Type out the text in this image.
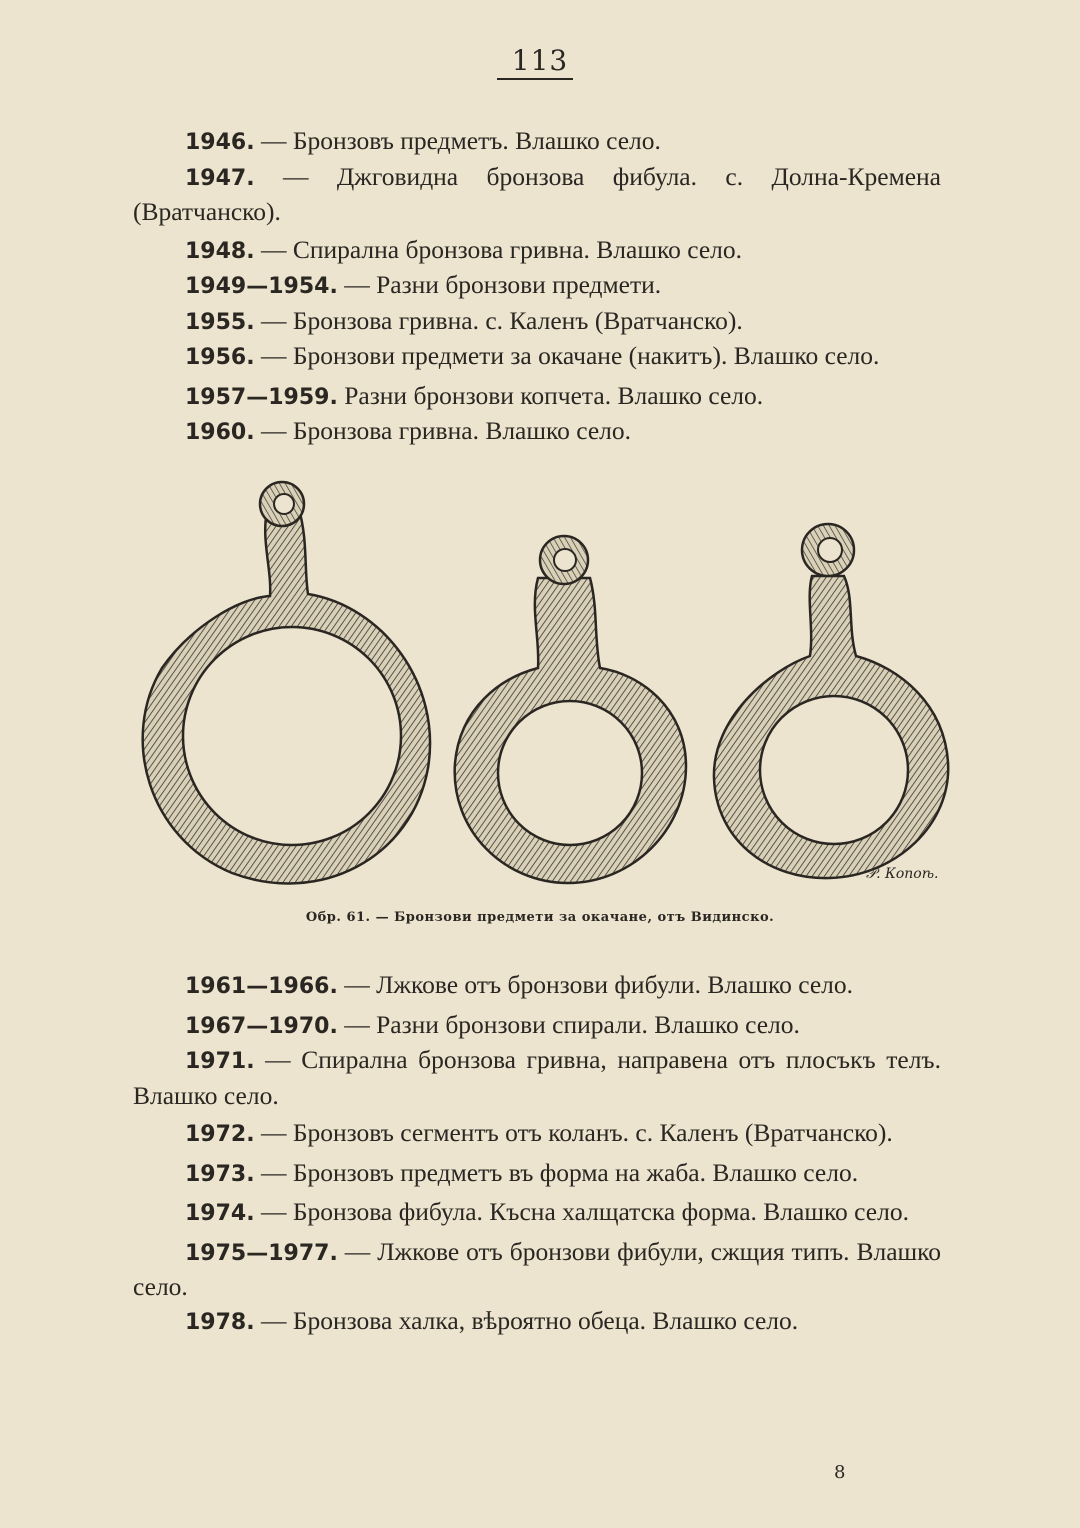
113

1946. — Бронзовъ предметъ. Влашко село.

1947. — Джговидна бронзова фибула. с. Долна-Кремена (Вратчанско).

1948. — Спирална бронзова гривна. Влашко село.

1949—1954. — Разни бронзови предмети.

1955. — Бронзова гривна. с. Каленъ (Вратчанско).

1956. — Бронзови предмети за окачане (накитъ). Влашко село.

1957—1959. Разни бронзови копчета. Влашко село.

1960. — Бронзова гривна. Влашко село.

𝒫. Копоѣ.
Обр. 61. — Бронзови предмети за окачане, отъ Видинско.

1961—1966. — Лжкове отъ бронзови фибули. Влашко село.

1967—1970. — Разни бронзови спирали. Влашко село.

1971. — Спирална бронзова гривна, направена отъ плосъкъ телъ. Влашко село.

1972. — Бронзовъ сегментъ отъ коланъ. с. Каленъ (Вратчанско).

1973. — Бронзовъ предметъ въ форма на жаба. Влашко село.

1974. — Бронзова фибула. Късна халщатска форма. Влашко село.

1975—1977. — Лжкове отъ бронзови фибули, сжщия типъ. Влашко село.

1978. — Бронзова халка, вѣроятно обеца. Влашко село.

8
